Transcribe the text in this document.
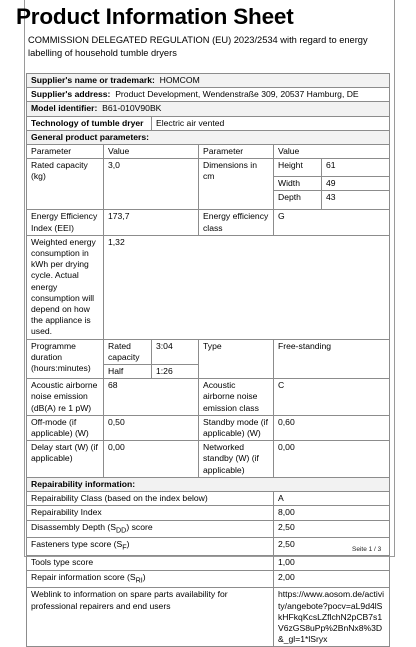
Product Information Sheet
COMMISSION DELEGATED REGULATION (EU) 2023/2534 with regard to energy labelling of household tumble dryers
Supplier's name or trademark: HOMCOM					
Supplier's address: Product Development, Wendenstraße 309, 20537 Hamburg, DE					
Model identifier: B61-010V90BK					
Technology of tumble dryer		Electric air vented			
General product parameters:					
Parameter	Value		Parameter	Value	
Rated capacity (kg)	3,0		Dimensions in cm	Height	61
				Width	49
				Depth	43
Energy Efficiency Index (EEI)	173,7		Energy efficiency class	G	
Weighted energy consumption in kWh per drying cycle. Actual energy consumption will depend on how the appliance is used.	1,32				
Programme duration (hours:minutes)	Rated capacity	3:04	Type	Free-standing	
	Half	1:26			
Acoustic airborne noise emission (dB(A) re 1 pW)	68		Acoustic airborne noise emission class	C	
Off-mode (if applicable) (W)	0,50		Standby mode (if applicable) (W)	0,60	
Delay start (W) (if applicable)	0,00		Networked standby (W) (if applicable)	0,00	
Repairability information:					
Repairability Class (based on the index below)				A	
Repairability Index				8,00	
Disassembly Depth $(S_{DD})$ score				2,50	
Fasteners type score $(S_F)$				2,50	
Tools type score				1,00	
Repair information score $(S_{RI})$				2,00	
Weblink to information on spare parts availability for professional repairers and end users				https://www.aosom.de/activity/angebote?pocv=aL9d4lSkHFkqKcsLZflchN2pCB7s1V6zGS8uPp%2BnNx8%3D&_gl=1*lSryx	
Seite 1 / 3
